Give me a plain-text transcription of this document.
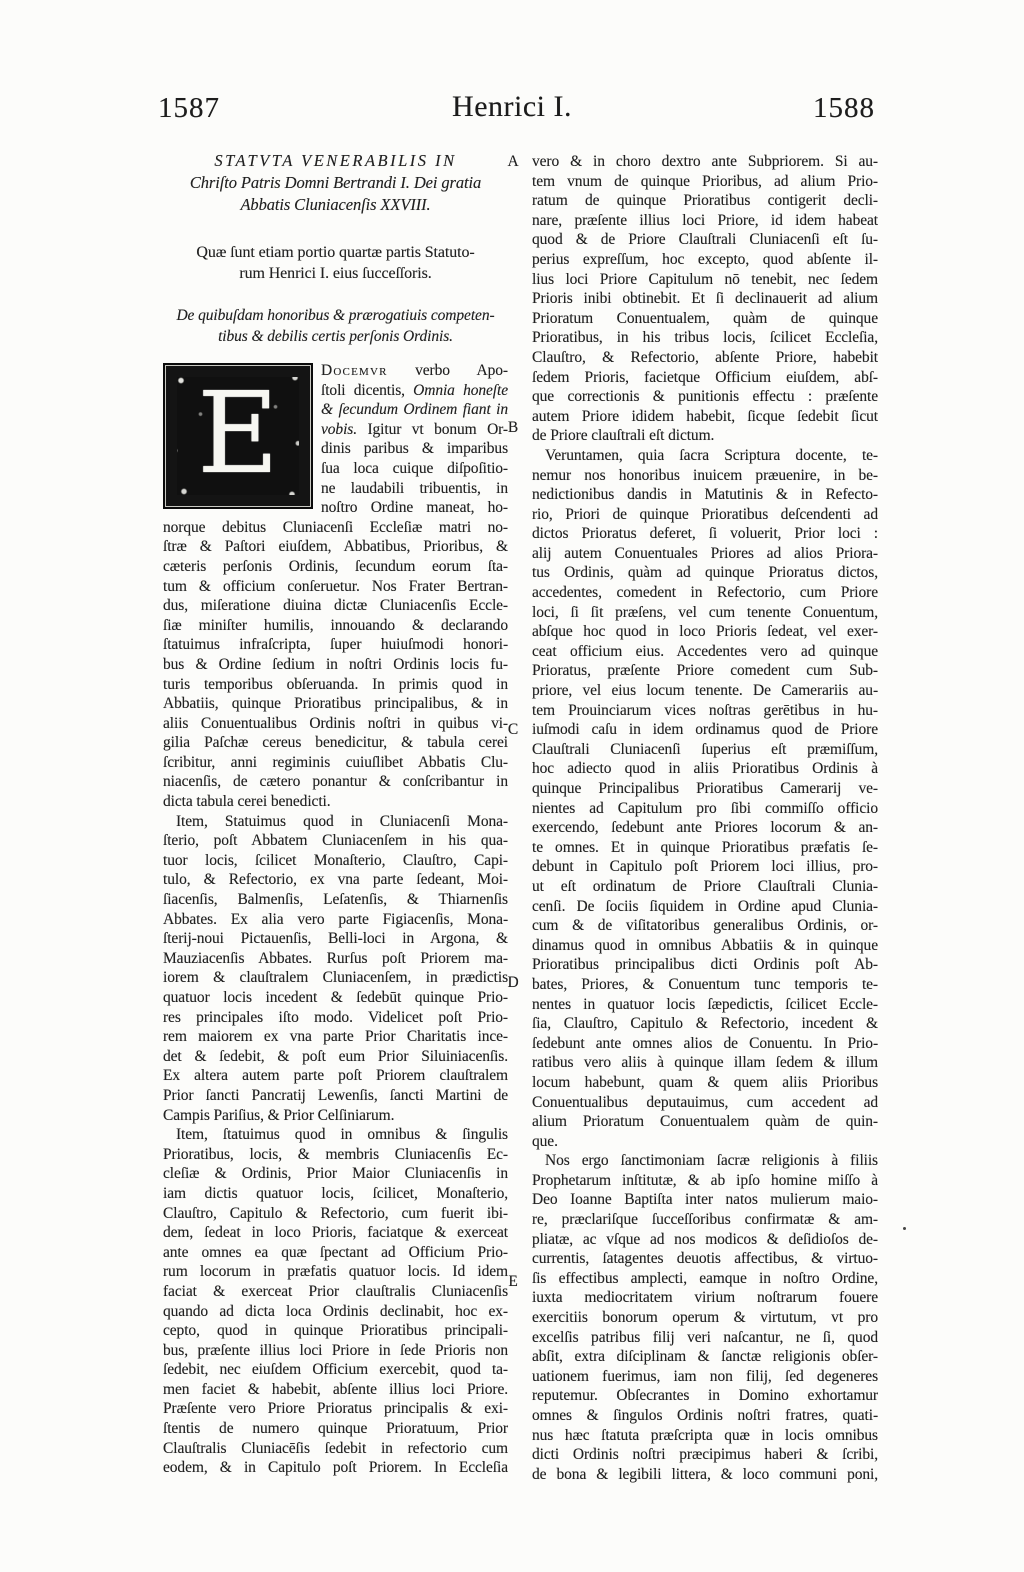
1587	Henrici I.	1588
STATVTA VENERABILIS IN
Chriſto Patris Domni Bertrandi I. Dei gratia
Abbatis Cluniacenſis XXVIII.
Quæ ſunt etiam portio quartæ partis Statuto-
rum Henrici I. eius ſucceſſoris.
De quibuſdam honoribus & prærogatiuis competen-
tibus & debilis certis perſonis Ordinis.
E	Docemvr verbo Apo-
ſtoli dicentis, Omnia honeſte
& ſecundum Ordinem fiant in
vobis. Igitur vt bonum Or-
dinis paribus & imparibus
ſua loca cuique diſpoſitio-
ne laudabili tribuentis, in
noſtro Ordine maneat, ho-
norque debitus Cluniacenſi Eccleſiæ matri no-
ſtræ & Paſtori eiuſdem, Abbatibus, Prioribus, &
cæteris perſonis Ordinis, ſecundum eorum ſta-
tum & officium conſeruetur. Nos Frater Bertran-
dus, miſeratione diuina dictæ Cluniacenſis Eccle-
ſiæ miniſter humilis, innouando & declarando
ſtatuimus infraſcripta, ſuper huiuſmodi honori-
bus & Ordine ſedium in noſtri Ordinis locis fu-
turis temporibus obſeruanda. In primis quod in
Abbatiis, quinque Prioratibus principalibus, & in
aliis Conuentualibus Ordinis noſtri in quibus vi-
gilia Paſchæ cereus benedicitur, & tabula cerei
ſcribitur, anni regiminis cuiuſlibet Abbatis Clu-
niacenſis, de cætero ponantur & conſcribantur in
dicta tabula cerei benedicti.
Item, Statuimus quod in Cluniacenſi Mona-
ſterio, poſt Abbatem Cluniacenſem in his qua-
tuor locis, ſcilicet Monaſterio, Clauſtro, Capi-
tulo, & Refectorio, ex vna parte ſedeant, Moi-
ſiacenſis, Balmenſis, Leſatenſis, & Thiarnenſis
Abbates. Ex alia vero parte Figiacenſis, Mona-
ſterij-noui Pictauenſis, Belli-loci in Argona, &
Mauziacenſis Abbates. Rurſus poſt Priorem ma-
iorem & clauſtralem Cluniacenſem, in prædictis
quatuor locis incedent & ſedebūt quinque Prio-
res principales iſto modo. Videlicet poſt Prio-
rem maiorem ex vna parte Prior Charitatis ince-
det & ſedebit, & poſt eum Prior Siluiniacenſis.
Ex altera autem parte poſt Priorem clauſtralem
Prior ſancti Pancratij Lewenſis, ſancti Martini de
Campis Pariſius, & Prior Celſiniarum.
Item, ſtatuimus quod in omnibus & ſingulis
Prioratibus, locis, & membris Cluniacenſis Ec-
cleſiæ & Ordinis, Prior Maior Cluniacenſis in
iam dictis quatuor locis, ſcilicet, Monaſterio,
Clauſtro, Capitulo & Refectorio, cum fuerit ibi-
dem, ſedeat in loco Prioris, faciatque & exerceat
ante omnes ea quæ ſpectant ad Officium Prio-
rum locorum in præfatis quatuor locis. Id idem
faciat & exerceat Prior clauſtralis Cluniacenſis
quando ad dicta loca Ordinis declinabit, hoc ex-
cepto, quod in quinque Prioratibus principali-
bus, præſente illius loci Priore in ſede Prioris non
ſedebit, nec eiuſdem Officium exercebit, quod ta-
men faciet & habebit, abſente illius loci Priore.
Præſente vero Priore Prioratus principalis & exi-
ſtentis de numero quinque Prioratuum, Prior
Clauſtralis Cluniacēſis ſedebit in refectorio cum
eodem, & in Capitulo poſt Priorem. In Eccleſia
A
B
C
D
E
vero & in choro dextro ante Subpriorem. Si au-
tem vnum de quinque Prioribus, ad alium Prio-
ratum de quinque Prioratibus contigerit decli-
nare, præſente illius loci Priore, id idem habeat
quod & de Priore Clauſtrali Cluniacenſi eſt ſu-
perius expreſſum, hoc excepto, quod abſente il-
lius loci Priore Capitulum nō tenebit, nec ſedem
Prioris inibi obtinebit. Et ſi declinauerit ad alium
Prioratum Conuentualem, quàm de quinque
Prioratibus, in his tribus locis, ſcilicet Eccleſia,
Clauſtro, & Refectorio, abſente Priore, habebit
ſedem Prioris, facietque Officium eiuſdem, abſ-
que correctionis & punitionis effectu : præſente
autem Priore ididem habebit, ſicque ſedebit ſicut
de Priore clauſtrali eſt dictum.
Veruntamen, quia ſacra Scriptura docente, te-
nemur nos honoribus inuicem præuenire, in be-
nedictionibus dandis in Matutinis & in Refecto-
rio, Priori de quinque Prioratibus deſcendenti ad
dictos Prioratus deferet, ſi voluerit, Prior loci :
alij autem Conuentuales Priores ad alios Priora-
tus Ordinis, quàm ad quinque Prioratus dictos,
accedentes, comedent in Refectorio, cum Priore
loci, ſi ſit præſens, vel cum tenente Conuentum,
abſque hoc quod in loco Prioris ſedeat, vel exer-
ceat officium eius. Accedentes vero ad quinque
Prioratus, præſente Priore comedent cum Sub-
priore, vel eius locum tenente. De Camerariis au-
tem Prouinciarum vices noſtras gerētibus in hu-
iuſmodi caſu in idem ordinamus quod de Priore
Clauſtrali Cluniacenſi ſuperius eſt præmiſſum,
hoc adiecto quod in aliis Prioratibus Ordinis à
quinque Principalibus Prioratibus Camerarij ve-
nientes ad Capitulum pro ſibi commiſſo officio
exercendo, ſedebunt ante Priores locorum & an-
te omnes. Et in quinque Prioratibus præfatis ſe-
debunt in Capitulo poſt Priorem loci illius, pro-
ut eſt ordinatum de Priore Clauſtrali Clunia-
cenſi. De ſociis ſiquidem in Ordine apud Clunia-
cum & de viſitatoribus generalibus Ordinis, or-
dinamus quod in omnibus Abbatiis & in quinque
Prioratibus principalibus dicti Ordinis poſt Ab-
bates, Priores, & Conuentum tunc temporis te-
nentes in quatuor locis ſæpedictis, ſcilicet Eccle-
ſia, Clauſtro, Capitulo & Refectorio, incedent &
ſedebunt ante omnes alios de Conuentu. In Prio-
ratibus vero aliis à quinque illam ſedem & illum
locum habebunt, quam & quem aliis Prioribus
Conuentualibus deputauimus, cum accedent ad
alium Prioratum Conuentualem quàm de quin-
que.
Nos ergo ſanctimoniam ſacræ religionis à filiis
Prophetarum inſtitutæ, & ab ipſo homine miſſo à
Deo Ioanne Baptiſta inter natos mulierum maio-
re, præclariſque ſucceſſoribus confirmatæ & am-
pliatæ, ac vſque ad nos modicos & deſidioſos de-
currentis, ſatagentes deuotis affectibus, & virtuo-
ſis effectibus amplecti, eamque in noſtro Ordine,
iuxta mediocritatem virium noſtrarum fouere
exercitiis bonorum operum & virtutum, vt pro
excelſis patribus filij veri naſcantur, ne ſi, quod
abſit, extra diſciplinam & ſanctæ religionis obſer-
uationem fuerimus, iam non filij, ſed degeneres
reputemur. Obſecrantes in Domino exhortamur
omnes & ſingulos Ordinis noſtri fratres, quati-
nus hæc ſtatuta præſcripta quæ in locis omnibus
dicti Ordinis noſtri præcipimus haberi & ſcribi,
de bona & legibili littera, & loco communi poni,
